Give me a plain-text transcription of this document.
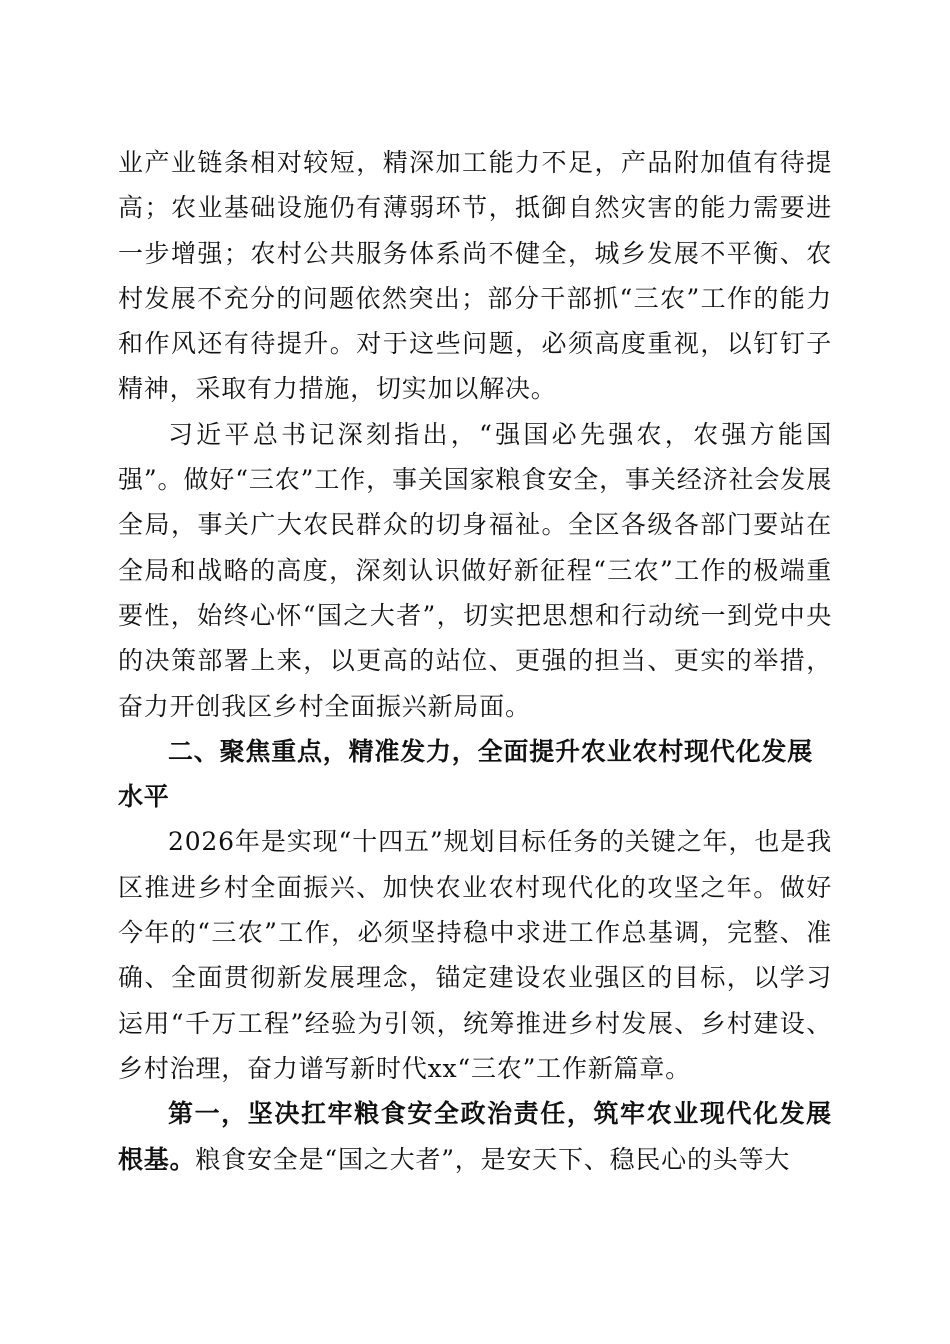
业产业链条相对较短，精深加工能力不足，产品附加值有待提高；农业基础设施仍有薄弱环节，抵御自然灾害的能力需要进一步增强；农村公共服务体系尚不健全，城乡发展不平衡、农村发展不充分的问题依然突出；部分干部抓“三农”工作的能力和作风还有待提升。对于这些问题，必须高度重视，以钉钉子精神，采取有力措施，切实加以解决。

习近平总书记深刻指出，“强国必先强农，农强方能国强”。做好“三农”工作，事关国家粮食安全，事关经济社会发展全局，事关广大农民群众的切身福祉。全区各级各部门要站在全局和战略的高度，深刻认识做好新征程“三农”工作的极端重要性，始终心怀“国之大者”，切实把思想和行动统一到党中央的决策部署上来，以更高的站位、更强的担当、更实的举措，奋力开创我区乡村全面振兴新局面。

二、聚焦重点，精准发力，全面提升农业农村现代化发展水平

2026年是实现“十四五”规划目标任务的关键之年，也是我区推进乡村全面振兴、加快农业农村现代化的攻坚之年。做好今年的“三农”工作，必须坚持稳中求进工作总基调，完整、准确、全面贯彻新发展理念，锚定建设农业强区的目标，以学习运用“千万工程”经验为引领，统筹推进乡村发展、乡村建设、乡村治理，奋力谱写新时代xx“三农”工作新篇章。

第一，坚决扛牢粮食安全政治责任，筑牢农业现代化发展根基。粮食安全是“国之大者”，是安天下、稳民心的头等大
